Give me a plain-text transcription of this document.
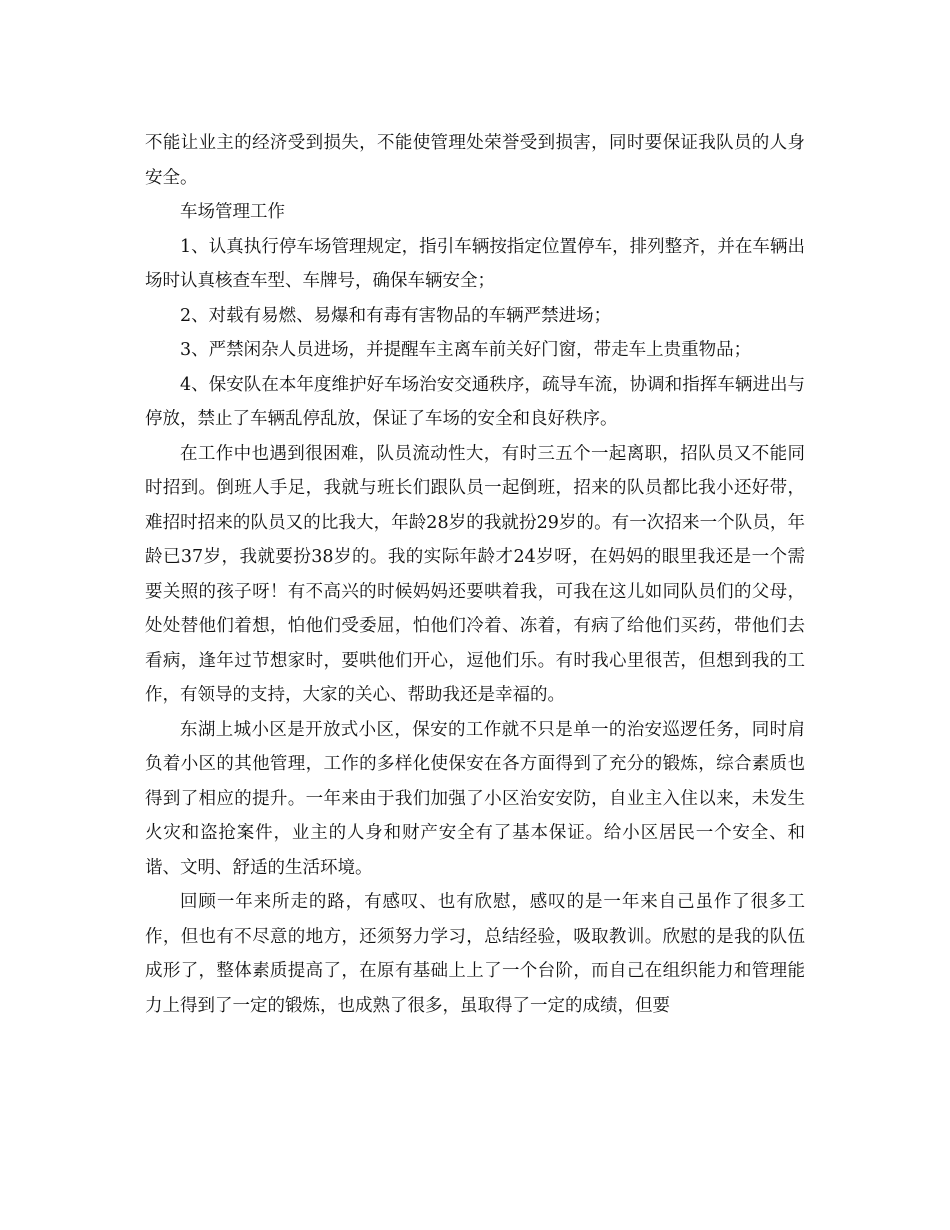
不能让业主的经济受到损失，不能使管理处荣誉受到损害，同时要保证我队员的人身安全。

车场管理工作

1、认真执行停车场管理规定，指引车辆按指定位置停车，排列整齐，并在车辆出场时认真核查车型、车牌号，确保车辆安全；

2、对载有易燃、易爆和有毒有害物品的车辆严禁进场；

3、严禁闲杂人员进场，并提醒车主离车前关好门窗，带走车上贵重物品；

4、保安队在本年度维护好车场治安交通秩序，疏导车流，协调和指挥车辆进出与停放，禁止了车辆乱停乱放，保证了车场的安全和良好秩序。

在工作中也遇到很困难，队员流动性大，有时三五个一起离职，招队员又不能同时招到。倒班人手足，我就与班长们跟队员一起倒班，招来的队员都比我小还好带，难招时招来的队员又的比我大，年龄28岁的我就扮29岁的。有一次招来一个队员，年龄已37岁，我就要扮38岁的。我的实际年龄才24岁呀，在妈妈的眼里我还是一个需要关照的孩子呀！有不高兴的时候妈妈还要哄着我，可我在这儿如同队员们的父母，处处替他们着想，怕他们受委屈，怕他们冷着、冻着，有病了给他们买药，带他们去看病，逢年过节想家时，要哄他们开心，逗他们乐。有时我心里很苦，但想到我的工作，有领导的支持，大家的关心、帮助我还是幸福的。

东湖上城小区是开放式小区，保安的工作就不只是单一的治安巡逻任务，同时肩负着小区的其他管理，工作的多样化使保安在各方面得到了充分的锻炼，综合素质也得到了相应的提升。一年来由于我们加强了小区治安安防，自业主入住以来，未发生火灾和盗抢案件，业主的人身和财产安全有了基本保证。给小区居民一个安全、和谐、文明、舒适的生活环境。

回顾一年来所走的路，有感叹、也有欣慰，感叹的是一年来自己虽作了很多工作，但也有不尽意的地方，还须努力学习，总结经验，吸取教训。欣慰的是我的队伍成形了，整体素质提高了，在原有基础上上了一个台阶，而自己在组织能力和管理能力上得到了一定的锻炼，也成熟了很多，虽取得了一定的成绩，但要
